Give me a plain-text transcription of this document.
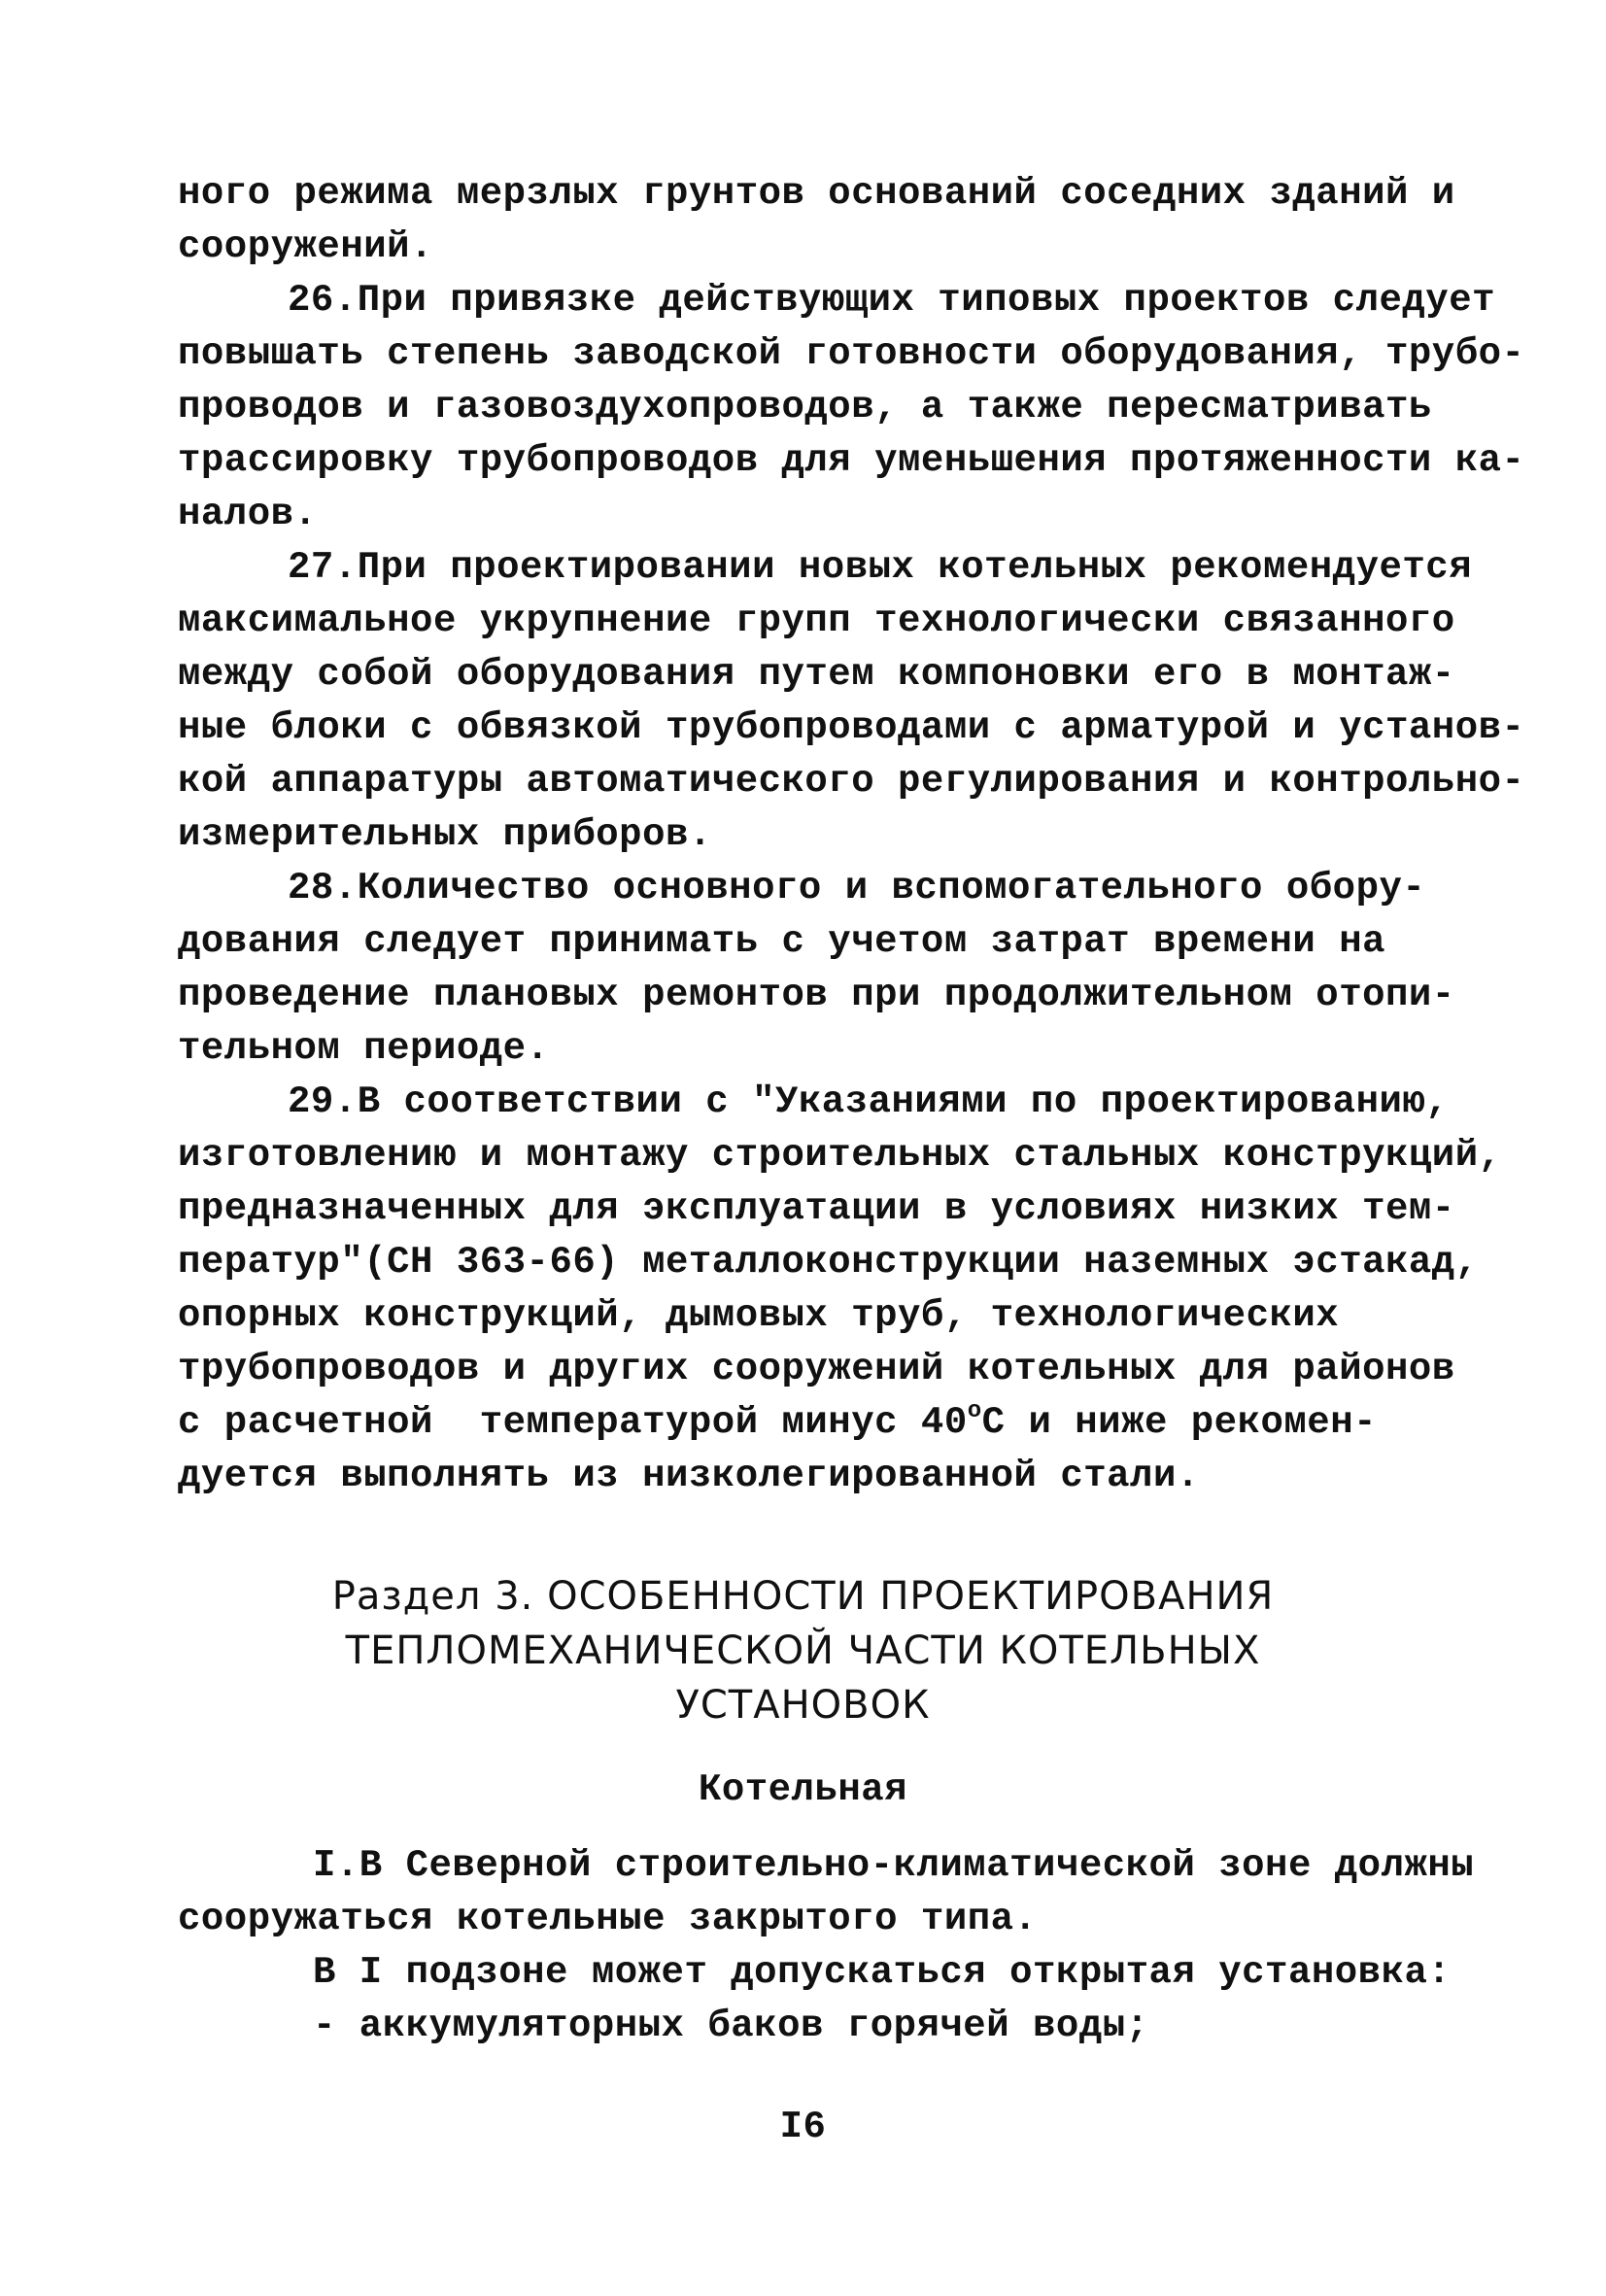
ного режима мерзлых грунтов оснований соседних зданий и
сооружений.
26.При привязке действующих типовых проектов следует
повышать степень заводской готовности оборудования, трубо-
проводов и газовоздухопроводов, а также пересматривать
трассировку трубопроводов для уменьшения протяженности ка-
налов.
27.При проектировании новых котельных рекомендуется
максимальное укрупнение групп технологически связанного
между собой оборудования путем компоновки его в монтаж-
ные блоки с обвязкой трубопроводами с арматурой и установ-
кой аппаратуры автоматического регулирования и контрольно-
измерительных приборов.
28.Количество основного и вспомогательного обору-
дования следует принимать с учетом затрат времени на
проведение плановых ремонтов при продолжительном отопи-
тельном периоде.
29.В соответствии с "Указаниями по проектированию,
изготовлению и монтажу строительных стальных конструкций,
предназначенных для эксплуатации в условиях низких тем-
ператур"(СН 363-66) металлоконструкции наземных эстакад,
опорных конструкций, дымовых труб, технологических
трубопроводов и других сооружений котельных для районов
с расчетной  температурой минус $40^оС$ и ниже рекомен-
дуется выполнять из низколегированной стали.
Раздел 3. ОСОБЕННОСТИ ПРОЕКТИРОВАНИЯ
ТЕПЛОМЕХАНИЧЕСКОЙ ЧАСТИ КОТЕЛЬНЫХ
УСТАНОВОК
Котельная
I.В Северной строительно-климатической зоне должны
сооружаться котельные закрытого типа.
В I подзоне может допускаться открытая установка:
- аккумуляторных баков горячей воды;
I6
